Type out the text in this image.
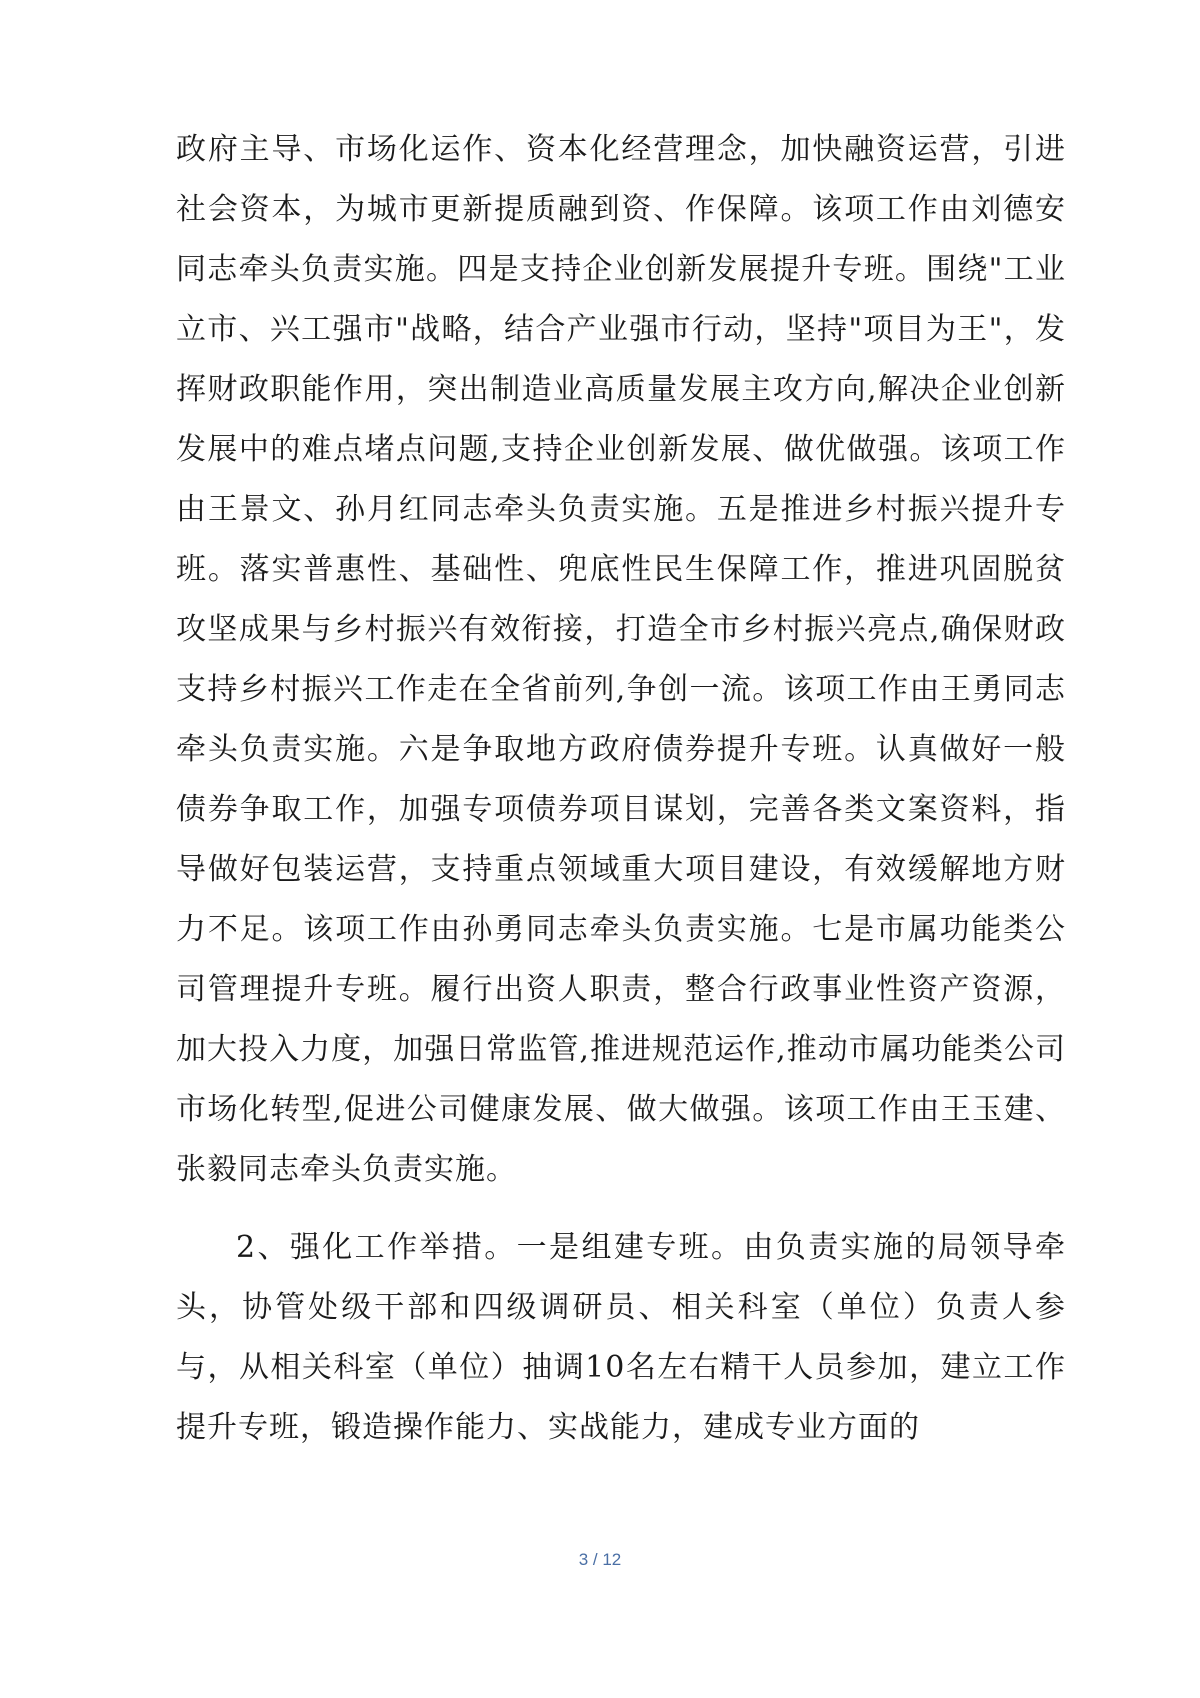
政府主导、市场化运作、资本化经营理念，加快融资运营，引进社会资本，为城市更新提质融到资、作保障。该项工作由刘德安同志牵头负责实施。四是支持企业创新发展提升专班。围绕"工业立市、兴工强市"战略，结合产业强市行动，坚持"项目为王"，发挥财政职能作用，突出制造业高质量发展主攻方向,解决企业创新发展中的难点堵点问题,支持企业创新发展、做优做强。该项工作由王景文、孙月红同志牵头负责实施。五是推进乡村振兴提升专班。落实普惠性、基础性、兜底性民生保障工作，推进巩固脱贫攻坚成果与乡村振兴有效衔接，打造全市乡村振兴亮点,确保财政支持乡村振兴工作走在全省前列,争创一流。该项工作由王勇同志牵头负责实施。六是争取地方政府债券提升专班。认真做好一般债券争取工作，加强专项债券项目谋划，完善各类文案资料，指导做好包装运营，支持重点领域重大项目建设，有效缓解地方财力不足。该项工作由孙勇同志牵头负责实施。七是市属功能类公司管理提升专班。履行出资人职责，整合行政事业性资产资源，加大投入力度，加强日常监管,推进规范运作,推动市属功能类公司市场化转型,促进公司健康发展、做大做强。该项工作由王玉建、张毅同志牵头负责实施。

2、强化工作举措。一是组建专班。由负责实施的局领导牵头，协管处级干部和四级调研员、相关科室（单位）负责人参与，从相关科室（单位）抽调10名左右精干人员参加，建立工作提升专班，锻造操作能力、实战能力，建成专业方面的

3 / 12
